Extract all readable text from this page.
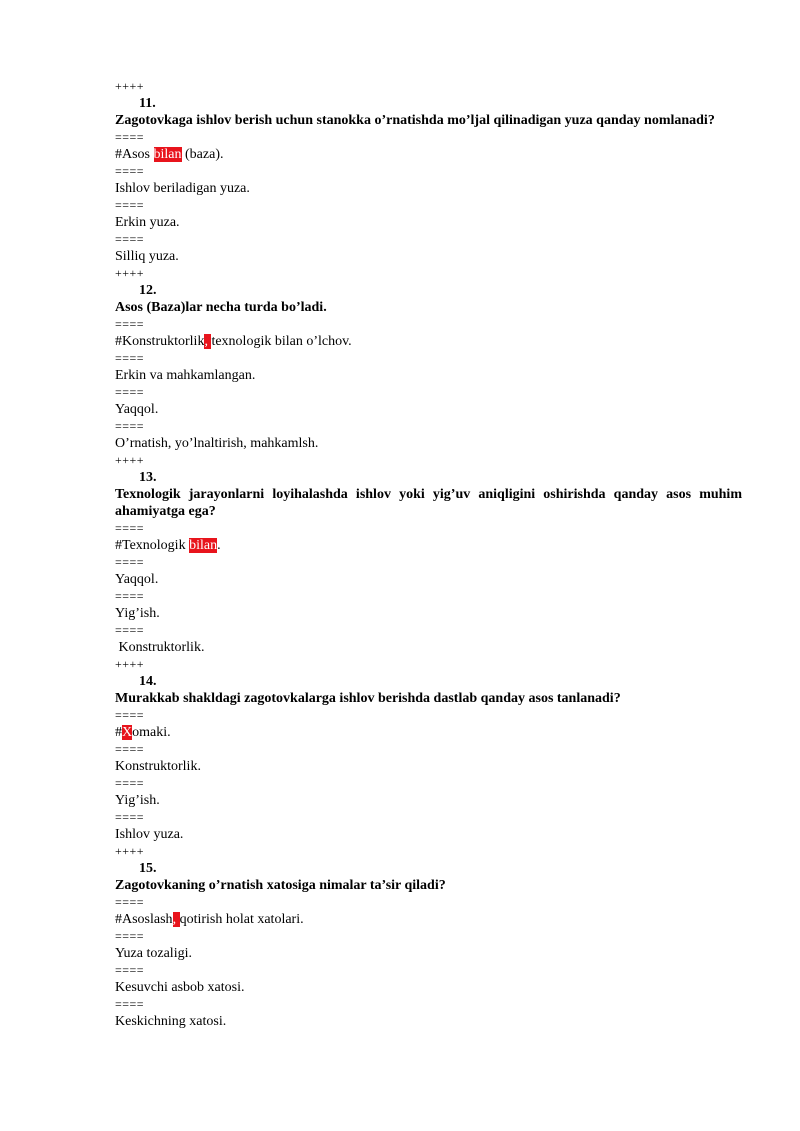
++++
11.
Zagotovkaga ishlov berish uchun stanokka o’rnatishda mo’ljal qilinadigan yuza qanday nomlanadi?
====
#Asos bilan (baza).
====
Ishlov beriladigan yuza.
====
Erkin yuza.
====
Silliq yuza.
++++
12.
Asos (Baza)lar necha turda bo’ladi.
====
#Konstruktorlik, texnologik bilan o’lchov.
====
Erkin va mahkamlangan.
====
Yaqqol.
====
O’rnatish, yo’lnaltirish, mahkamlsh.
++++
13.
Texnologik jarayonlarni loyihalashda ishlov yoki yig’uv aniqligini oshirishda qanday asos muhim ahamiyatga ega?
====
#Texnologik bilan.
====
Yaqqol.
====
Yig’ish.
====
Konstruktorlik.
++++
14.
Murakkab shakldagi zagotovkalarga ishlov berishda dastlab qanday asos tanlanadi?
====
#Xomaki.
====
Konstruktorlik.
====
Yig’ish.
====
Ishlov yuza.
++++
15.
Zagotovkaning o’rnatish xatosiga nimalar ta’sir qiladi?
====
#Asoslash, qotirish holat xatolari.
====
Yuza tozaligi.
====
Kesuvchi asbob xatosi.
====
Keskichning xatosi.
